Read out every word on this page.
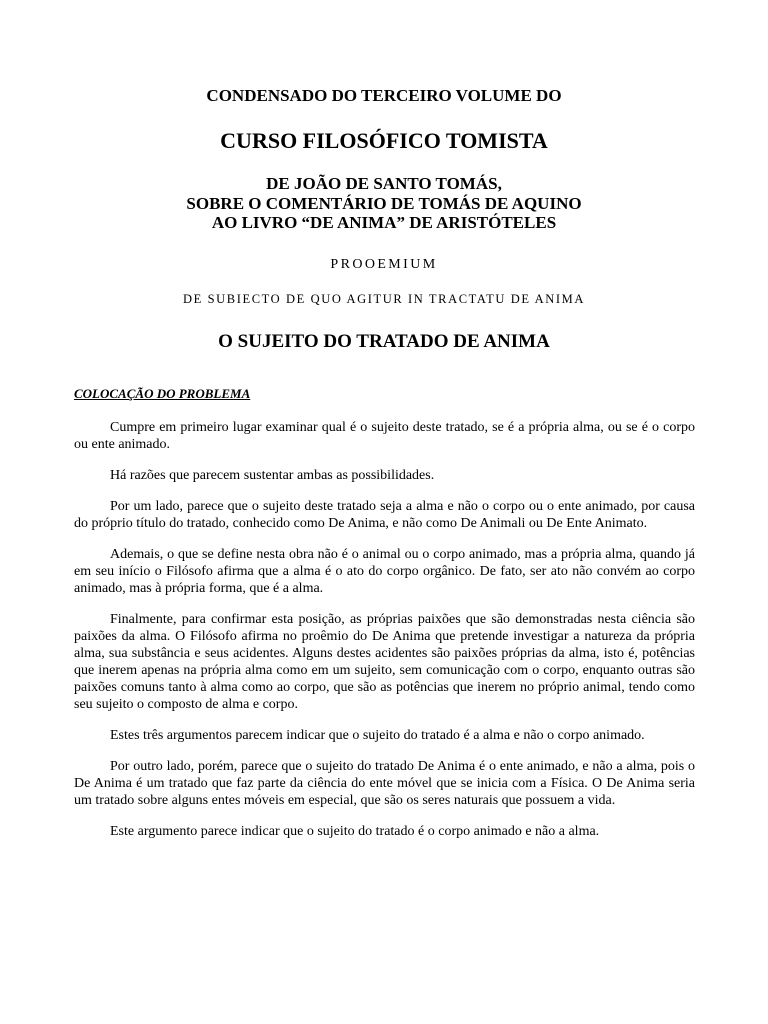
CONDENSADO DO TERCEIRO VOLUME DO
CURSO FILOSÓFICO TOMISTA
DE JOÃO DE SANTO TOMÁS,
SOBRE O COMENTÁRIO DE TOMÁS DE AQUINO
AO LIVRO “DE ANIMA” DE ARISTÓTELES
PROOEMIUM
DE SUBIECTO DE QUO AGITUR IN TRACTATU DE ANIMA
O SUJEITO DO TRATADO DE ANIMA
COLOCAÇÃO DO PROBLEMA

Cumpre em primeiro lugar examinar qual é o sujeito deste tratado, se é a própria alma, ou se é o corpo ou ente animado.

Há razões que parecem sustentar ambas as possibilidades.

Por um lado, parece que o sujeito deste tratado seja a alma e não o corpo ou o ente animado, por causa do próprio título do tratado, conhecido como De Anima, e não como De Animali ou De Ente Animato.

Ademais, o que se define nesta obra não é o animal ou o corpo animado, mas a própria alma, quando já em seu início o Filósofo afirma que a alma é o ato do corpo orgânico. De fato, ser ato não convém ao corpo animado, mas à própria forma, que é a alma.

Finalmente, para confirmar esta posição, as próprias paixões que são demonstradas nesta ciência são paixões da alma. O Filósofo afirma no proêmio do De Anima que pretende investigar a natureza da própria alma, sua substância e seus acidentes. Alguns destes acidentes são paixões próprias da alma, isto é, potências que inerem apenas na própria alma como em um sujeito, sem comunicação com o corpo, enquanto outras são paixões comuns tanto à alma como ao corpo, que são as potências que inerem no próprio animal, tendo como seu sujeito o composto de alma e corpo.

Estes três argumentos parecem indicar que o sujeito do tratado é a alma e não o corpo animado.

Por outro lado, porém, parece que o sujeito do tratado De Anima é o ente animado, e não a alma, pois o De Anima é um tratado que faz parte da ciência do ente móvel que se inicia com a Física. O De Anima seria um tratado sobre alguns entes móveis em especial, que são os seres naturais que possuem a vida.

Este argumento parece indicar que o sujeito do tratado é o corpo animado e não a alma.
